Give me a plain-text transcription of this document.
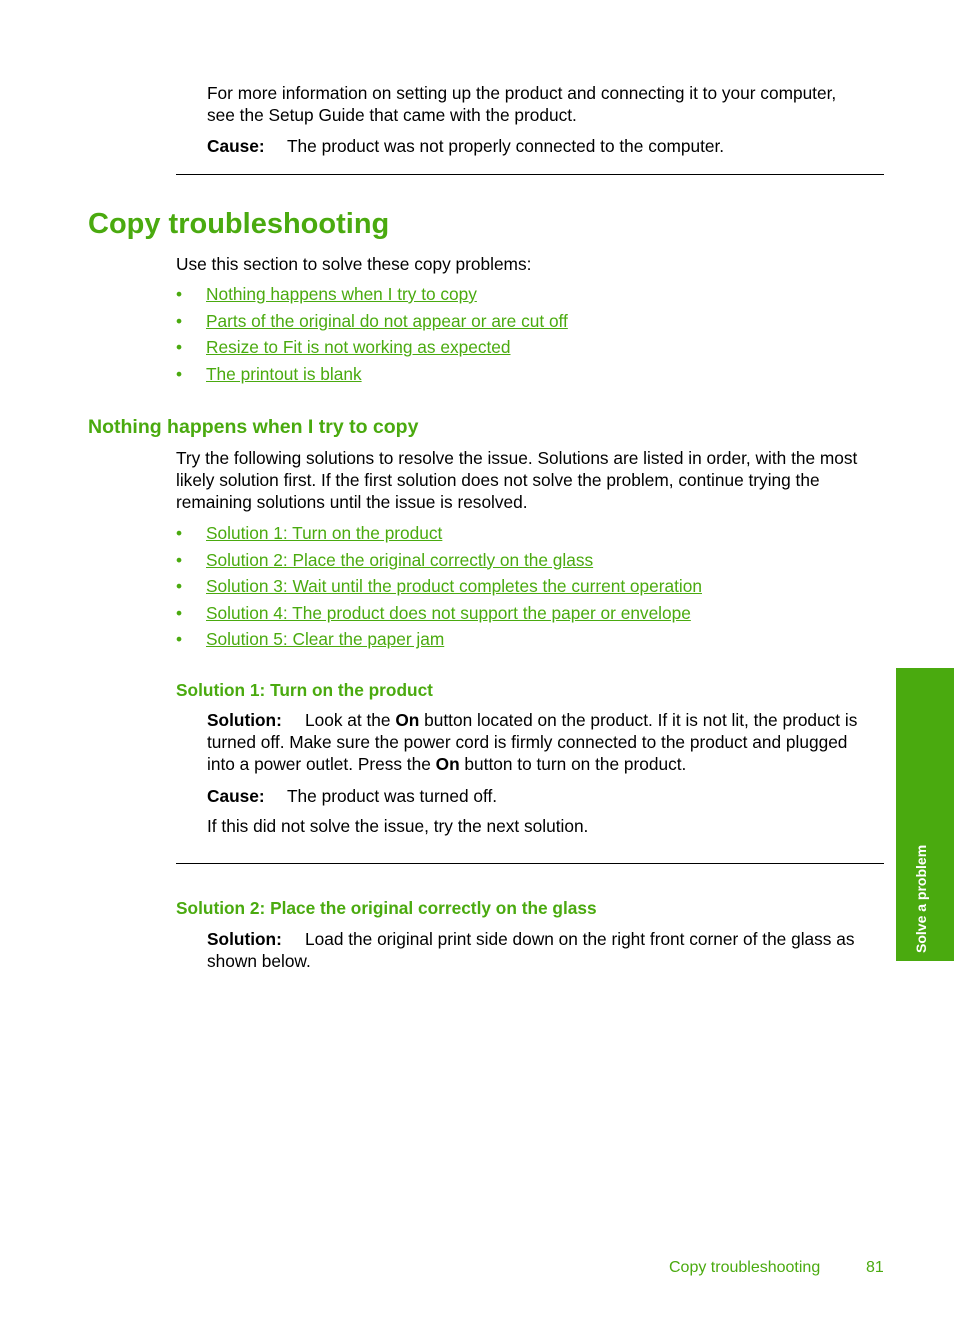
For more information on setting up the product and connecting it to your computer,

see the Setup Guide that came with the product.

Cause: The product was not properly connected to the computer.
Copy troubleshooting

Use this section to solve these copy problems:

• Nothing happens when I try to copy
• Parts of the original do not appear or are cut off
• Resize to Fit is not working as expected
• The printout is blank
Nothing happens when I try to copy

Try the following solutions to resolve the issue. Solutions are listed in order, with the most

likely solution first. If the first solution does not solve the problem, continue trying the

remaining solutions until the issue is resolved.

• Solution 1: Turn on the product
• Solution 2: Place the original correctly on the glass
• Solution 3: Wait until the product completes the current operation
• Solution 4: The product does not support the paper or envelope
• Solution 5: Clear the paper jam
Solution 1: Turn on the product

Solution: Look at the On button located on the product. If it is not lit, the product is

turned off. Make sure the power cord is firmly connected to the product and plugged

into a power outlet. Press the On button to turn on the product.

Cause: The product was turned off.

If this did not solve the issue, try the next solution.

Solution 2: Place the original correctly on the glass

Solution: Load the original print side down on the right front corner of the glass as

shown below.

Solve a problem
Copy troubleshooting	81
